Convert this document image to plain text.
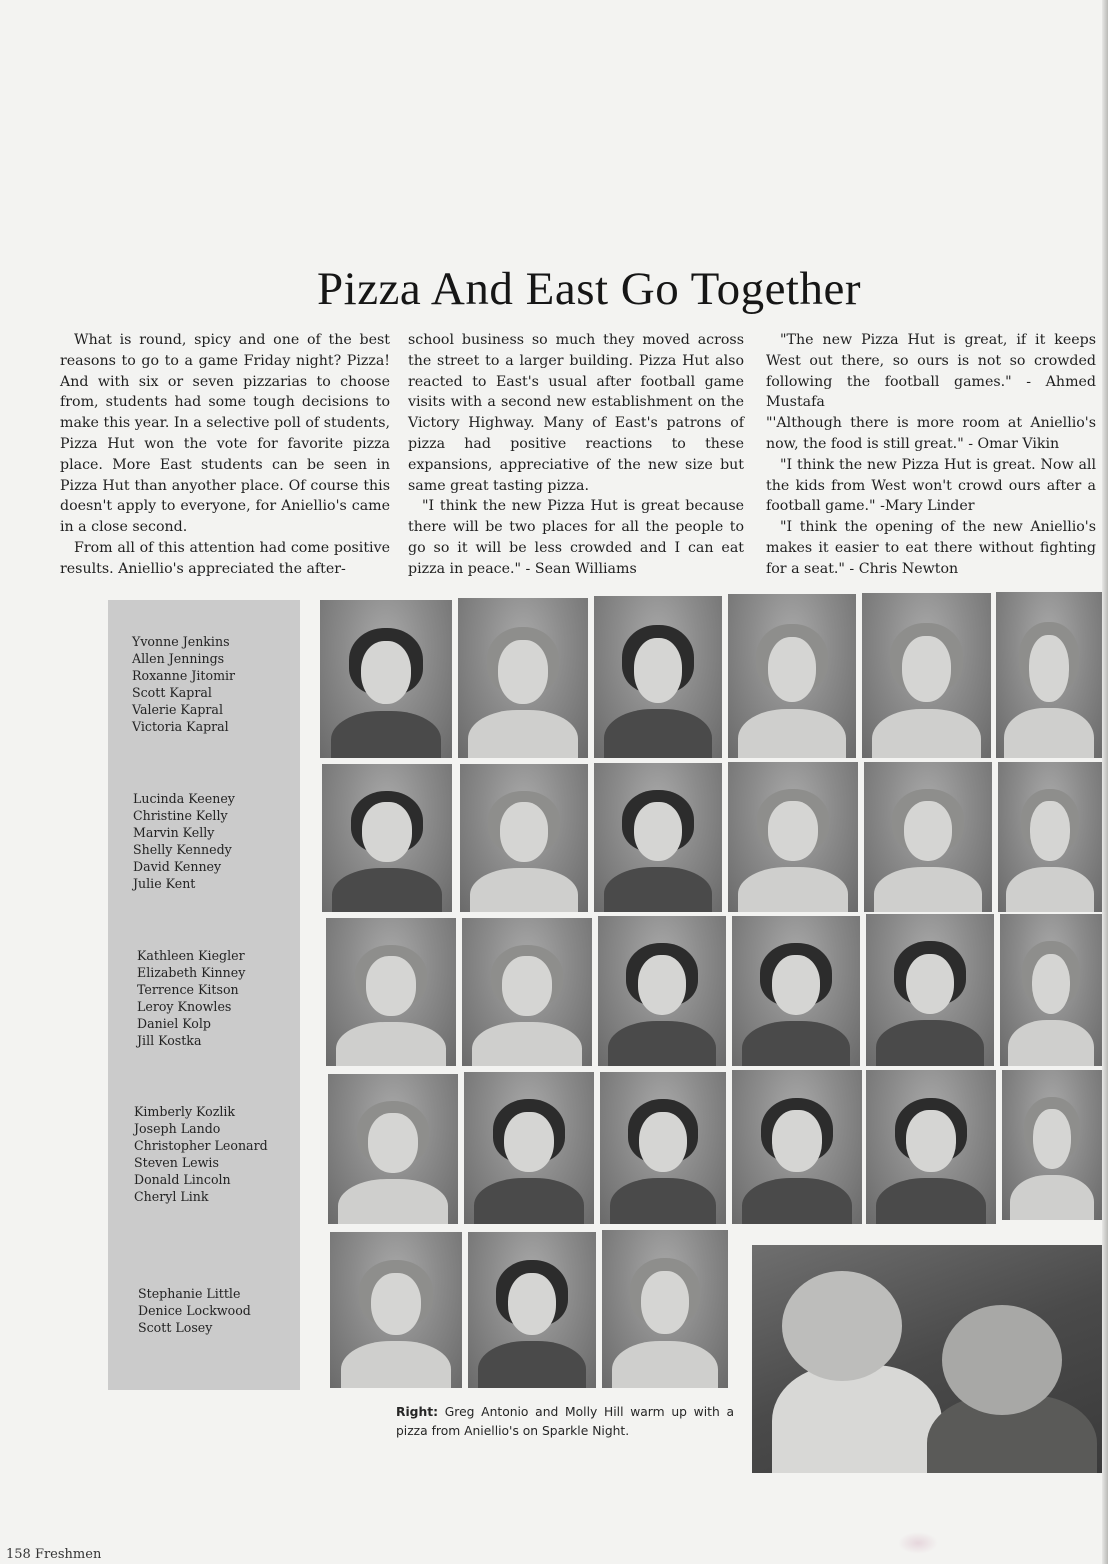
Pizza And East Go Together

What is round, spicy and one of the best reasons to go to a game Friday night? Pizza! And with six or seven pizzarias to choose from, students had some tough decisions to make this year. In a selective poll of students, Pizza Hut won the vote for favorite pizza place. More East students can be seen in Pizza Hut than anyother place. Of course this doesn't apply to everyone, for Aniellio's came in a close second.

From all of this attention had come positive results. Aniellio's appreciated the after-

school business so much they moved across the street to a larger building. Pizza Hut also reacted to East's usual after football game visits with a second new establishment on the Victory Highway. Many of East's patrons of pizza had positive reactions to these expansions, appreciative of the new size but same great tasting pizza.

"I think the new Pizza Hut is great because there will be two places for all the people to go so it will be less crowded and I can eat pizza in peace." - Sean Williams

"The new Pizza Hut is great, if it keeps West out there, so ours is not so crowded following the football games." - Ahmed Mustafa

"'Although there is more room at Aniellio's now, the food is still great." - Omar Vikin

"I think the new Pizza Hut is great. Now all the kids from West won't crowd ours after a football game." -Mary Linder

"I think the opening of the new Aniellio's makes it easier to eat there without fighting for a seat." - Chris Newton

Yvonne Jenkins
Allen Jennings
Roxanne Jitomir
Scott Kapral
Valerie Kapral
Victoria Kapral
Lucinda Keeney
Christine Kelly
Marvin Kelly
Shelly Kennedy
David Kenney
Julie Kent
Kathleen Kiegler
Elizabeth Kinney
Terrence Kitson
Leroy Knowles
Daniel Kolp
Jill Kostka
Kimberly Kozlik
Joseph Lando
Christopher Leonard
Steven Lewis
Donald Lincoln
Cheryl Link
Stephanie Little
Denice Lockwood
Scott Losey
Right: Greg Antonio and Molly Hill warm up with a pizza from Aniellio's on Sparkle Night.
158 Freshmen
